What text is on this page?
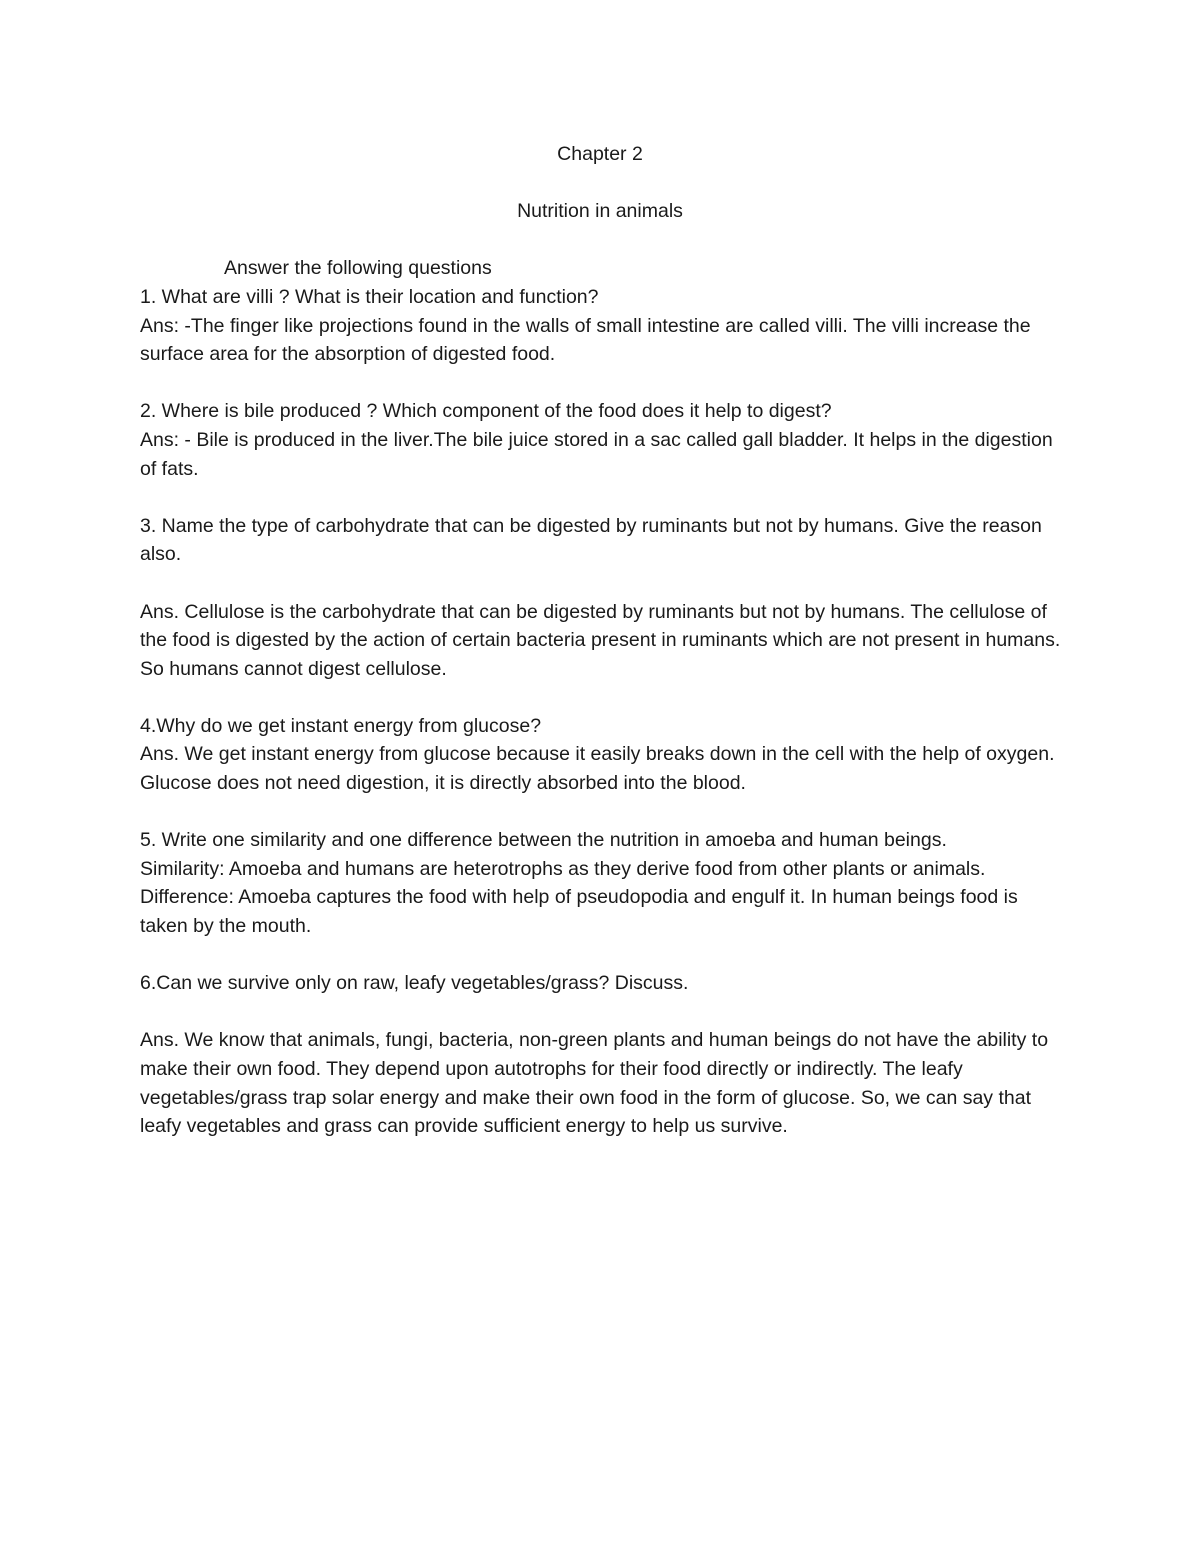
Chapter 2
Nutrition in animals

Answer the following questions

1. What are villi ? What is their location and function?

Ans: -The finger like projections found in the walls of small intestine are called villi. The villi increase the surface area for the absorption of digested food.

2. Where is bile produced ? Which component of the food does it help to digest?

Ans: - Bile is produced in the liver.The bile juice stored in a sac called gall bladder. It helps in the digestion of fats.

3. Name the type of carbohydrate that can be digested by ruminants but not by humans. Give the reason also.

Ans. Cellulose is the carbohydrate that can be digested by ruminants but not by humans. The cellulose of the food is digested by the action of certain bacteria present in ruminants which are not present in humans. So humans cannot digest cellulose.

4.Why do we get instant energy from glucose?

Ans. We get instant energy from glucose because it easily breaks down in the cell with the help of oxygen. Glucose does not need digestion, it is directly absorbed into the blood.

5. Write one similarity and one difference between the nutrition in amoeba and human beings.

Similarity: Amoeba and humans are heterotrophs as they derive food from other plants or animals.

Difference: Amoeba captures the food with help of pseudopodia and engulf it. In human beings food is taken by the mouth.

6.Can we survive only on raw, leafy vegetables/grass? Discuss.

Ans. We know that animals, fungi, bacteria, non-green plants and human beings do not have the ability to make their own food. They depend upon autotrophs for their food directly or indirectly. The leafy vegetables/grass trap solar energy and make their own food in the form of glucose. So, we can say that leafy vegetables and grass can provide sufficient energy to help us survive.
